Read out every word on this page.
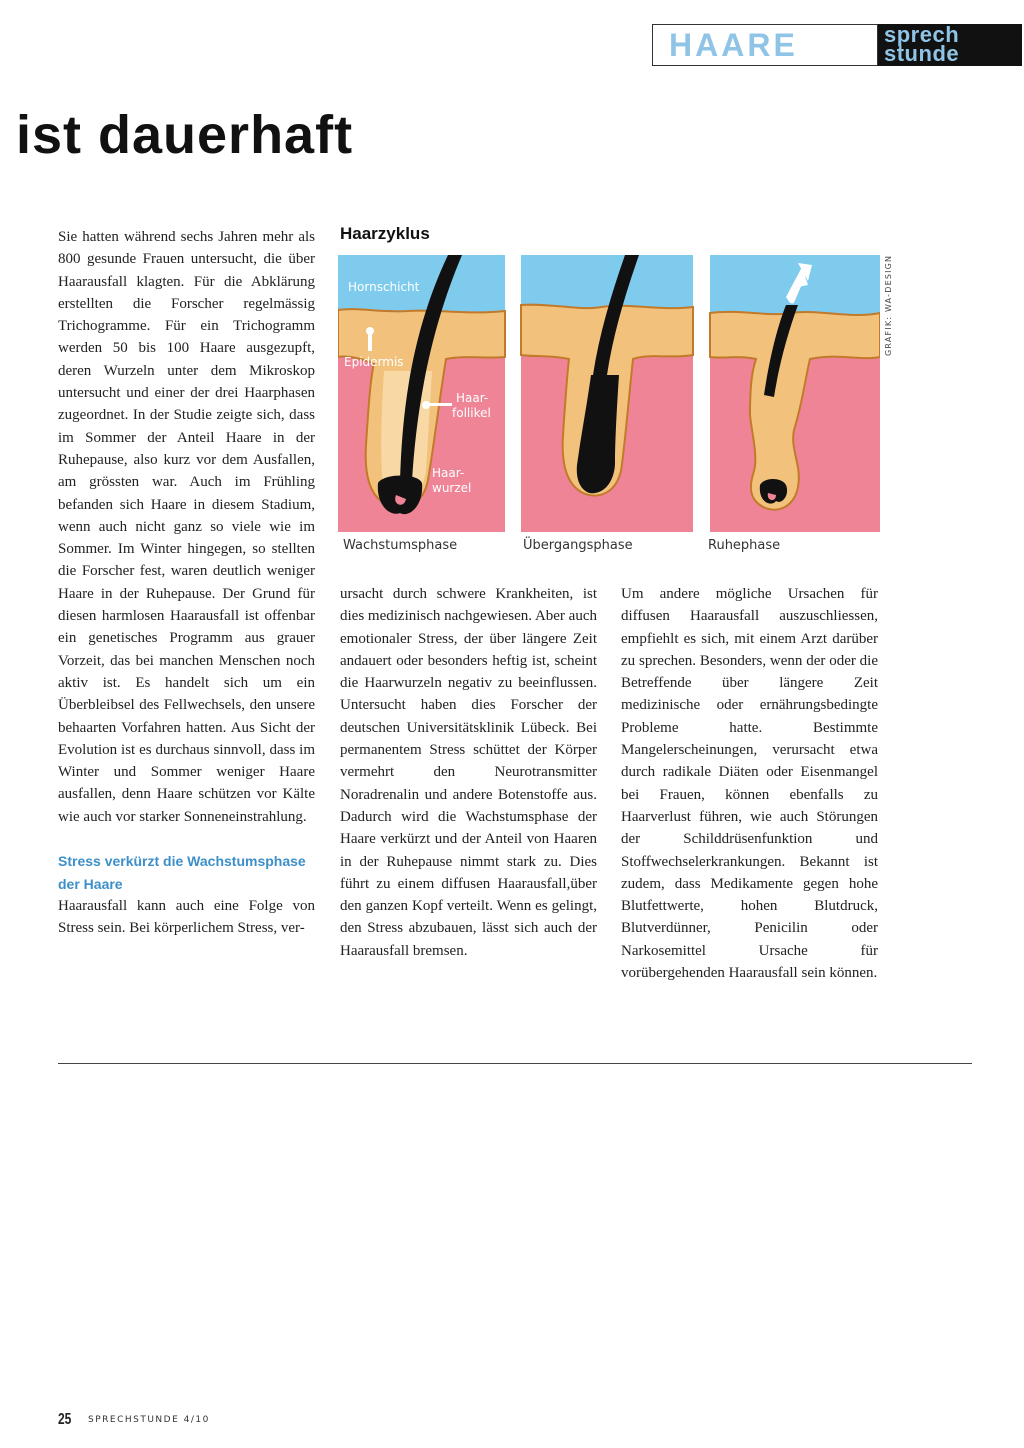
HAARE	sprech
stunde
ist dauerhaft

Sie hatten während sechs Jahren mehr als 800 gesunde Frauen untersucht, die über Haarausfall klagten. Für die Abklärung erstellten die Forscher regelmässig Trichogramme. Für ein Trichogramm werden 50 bis 100 Haare ausgezupft, deren Wurzeln unter dem Mikroskop untersucht und einer der drei Haarphasen zugeordnet. In der Studie zeigte sich, dass im Sommer der Anteil Haare in der Ruhepause, also kurz vor dem Ausfallen, am grössten war. Auch im Frühling befanden sich Haare in diesem Stadium, wenn auch nicht ganz so viele wie im Sommer. Im Winter hingegen, so stellten die Forscher fest, waren deutlich weniger Haare in der Ruhepause. Der Grund für diesen harmlosen Haarausfall ist offenbar ein genetisches Programm aus grauer Vorzeit, das bei manchen Menschen noch aktiv ist. Es handelt sich um ein Überbleibsel des Fellwechsels, den unsere behaarten Vorfahren hatten. Aus Sicht der Evolution ist es durchaus sinnvoll, dass im Winter und Sommer weniger Haare ausfallen, denn Haare schützen vor Kälte wie auch vor starker Sonneneinstrahlung.

Stress verkürzt die Wachstumsphase der Haare

Haarausfall kann auch eine Folge von Stress sein. Bei körperlichem Stress, ver-

Haarzyklus
Hornschicht
Epidermis
Haar-
follikel
Haar-
wurzel
Wachstumsphase	Übergangsphase	Ruhephase
GRAFIK: WA-DESIGN

ursacht durch schwere Krankheiten, ist dies medizinisch nachgewiesen. Aber auch emotionaler Stress, der über längere Zeit andauert oder besonders heftig ist, scheint die Haarwurzeln negativ zu beeinflussen. Untersucht haben dies Forscher der deutschen Universitätsklinik Lübeck. Bei permanentem Stress schüttet der Körper vermehrt den Neurotransmitter Noradrenalin und andere Botenstoffe aus. Dadurch wird die Wachstumsphase der Haare verkürzt und der Anteil von Haaren in der Ruhepause nimmt stark zu. Dies führt zu einem diffusen Haarausfall,über den ganzen Kopf verteilt. Wenn es gelingt, den Stress abzubauen, lässt sich auch der Haarausfall bremsen.

Um andere mögliche Ursachen für diffusen Haarausfall auszuschliessen, empfiehlt es sich, mit einem Arzt darüber zu sprechen. Besonders, wenn der oder die Betreffende über längere Zeit medizinische oder ernährungsbedingte Probleme hatte. Bestimmte Mangelerscheinungen, verursacht etwa durch radikale Diäten oder Eisenmangel bei Frauen, können ebenfalls zu Haarverlust führen, wie auch Störungen der Schilddrüsenfunktion und Stoffwechselerkrankungen. Bekannt ist zudem, dass Medikamente gegen hohe Blutfettwerte, hohen Blutdruck, Blutverdünner, Penicilin oder Narkosemittel Ursache für vorübergehenden Haarausfall sein können.

25 SPRECHSTUNDE 4/10
